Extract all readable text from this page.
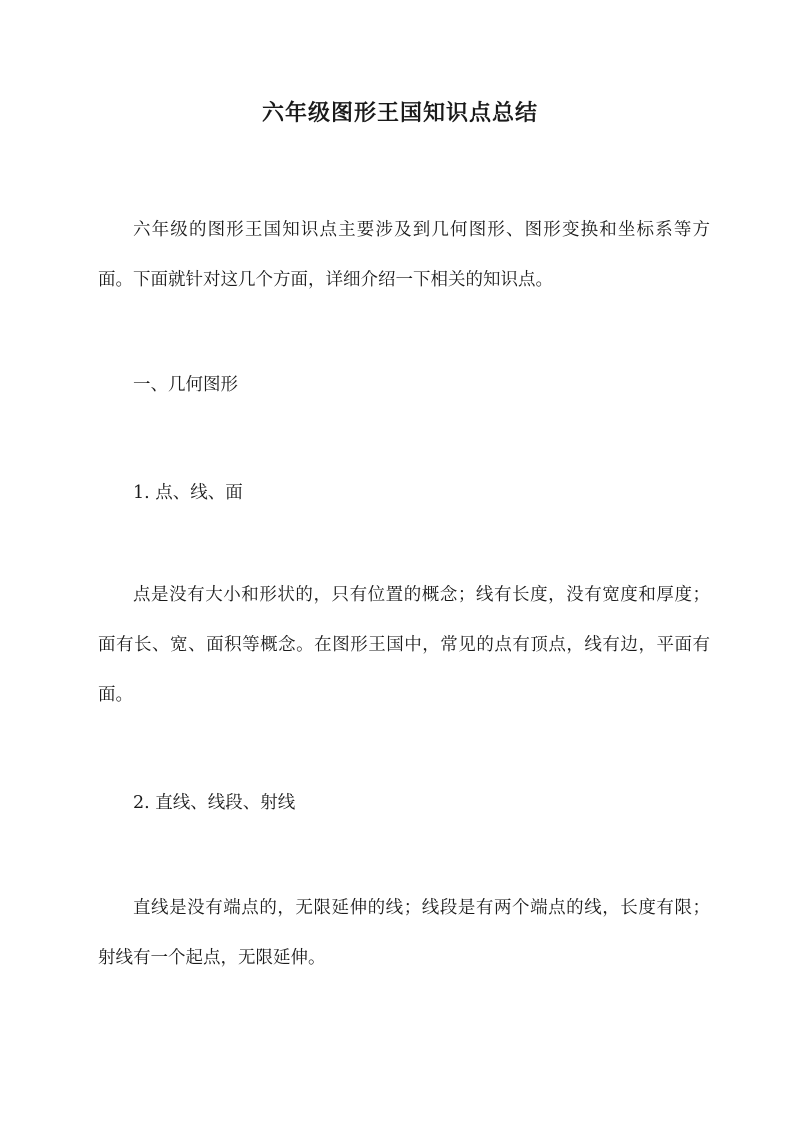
六年级图形王国知识点总结

六年级的图形王国知识点主要涉及到几何图形、图形变换和坐标系等方面。下面就针对这几个方面，详细介绍一下相关的知识点。

一、几何图形

1. 点、线、面

点是没有大小和形状的，只有位置的概念；线有长度，没有宽度和厚度；面有长、宽、面积等概念。在图形王国中，常见的点有顶点，线有边，平面有面。

2. 直线、线段、射线

直线是没有端点的，无限延伸的线；线段是有两个端点的线，长度有限；射线有一个起点，无限延伸。
